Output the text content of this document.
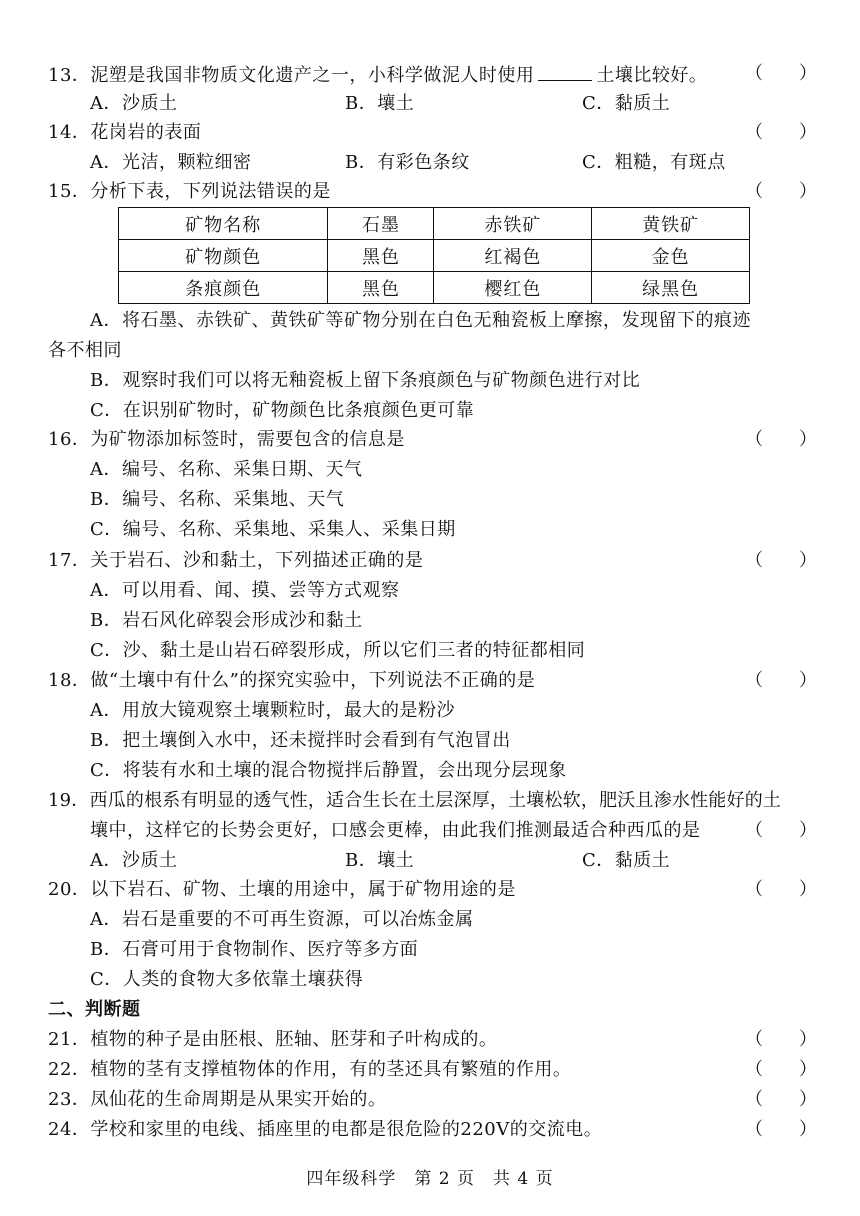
13．泥塑是我国非物质文化遗产之一，小科学做泥人时使用	土壤比较好。 （　　）
A．沙质土	B．壤土	C．黏质土
14．花岗岩的表面	（　　）
A．光洁，颗粒细密	B．有彩色条纹	C．粗糙，有斑点
15．分析下表，下列说法错误的是	（　　）
矿物名称	石墨	赤铁矿	黄铁矿
矿物颜色	黑色	红褐色	金色
条痕颜色	黑色	樱红色	绿黑色
A．将石墨、赤铁矿、黄铁矿等矿物分别在白色无釉瓷板上摩擦，发现留下的痕迹
各不相同
B．观察时我们可以将无釉瓷板上留下条痕颜色与矿物颜色进行对比
C．在识别矿物时，矿物颜色比条痕颜色更可靠
16．为矿物添加标签时，需要包含的信息是	（　　）
A．编号、名称、采集日期、天气
B．编号、名称、采集地、天气
C．编号、名称、采集地、采集人、采集日期
17．关于岩石、沙和黏土，下列描述正确的是	（　　）
A．可以用看、闻、摸、尝等方式观察
B．岩石风化碎裂会形成沙和黏土
C．沙、黏土是山岩石碎裂形成，所以它们三者的特征都相同
18．做“土壤中有什么”的探究实验中，下列说法不正确的是	（　　）
A．用放大镜观察土壤颗粒时，最大的是粉沙
B．把土壤倒入水中，还未搅拌时会看到有气泡冒出
C．将装有水和土壤的混合物搅拌后静置，会出现分层现象
19．西瓜的根系有明显的透气性，适合生长在土层深厚，土壤松软，肥沃且渗水性能好的土
壤中，这样它的长势会更好，口感会更棒，由此我们推测最适合种西瓜的是 （　　）
A．沙质土	B．壤土	C．黏质土
20．以下岩石、矿物、土壤的用途中，属于矿物用途的是	（　　）
A．岩石是重要的不可再生资源，可以冶炼金属
B．石膏可用于食物制作、医疗等多方面
C．人类的食物大多依靠土壤获得
二、判断题
21．植物的种子是由胚根、胚轴、胚芽和子叶构成的。	（　　）
22．植物的茎有支撑植物体的作用，有的茎还具有繁殖的作用。	（　　）
23．凤仙花的生命周期是从果实开始的。	（　　）
24．学校和家里的电线、插座里的电都是很危险的220V的交流电。	（　　）
四年级科学　第 2 页　共 4 页
